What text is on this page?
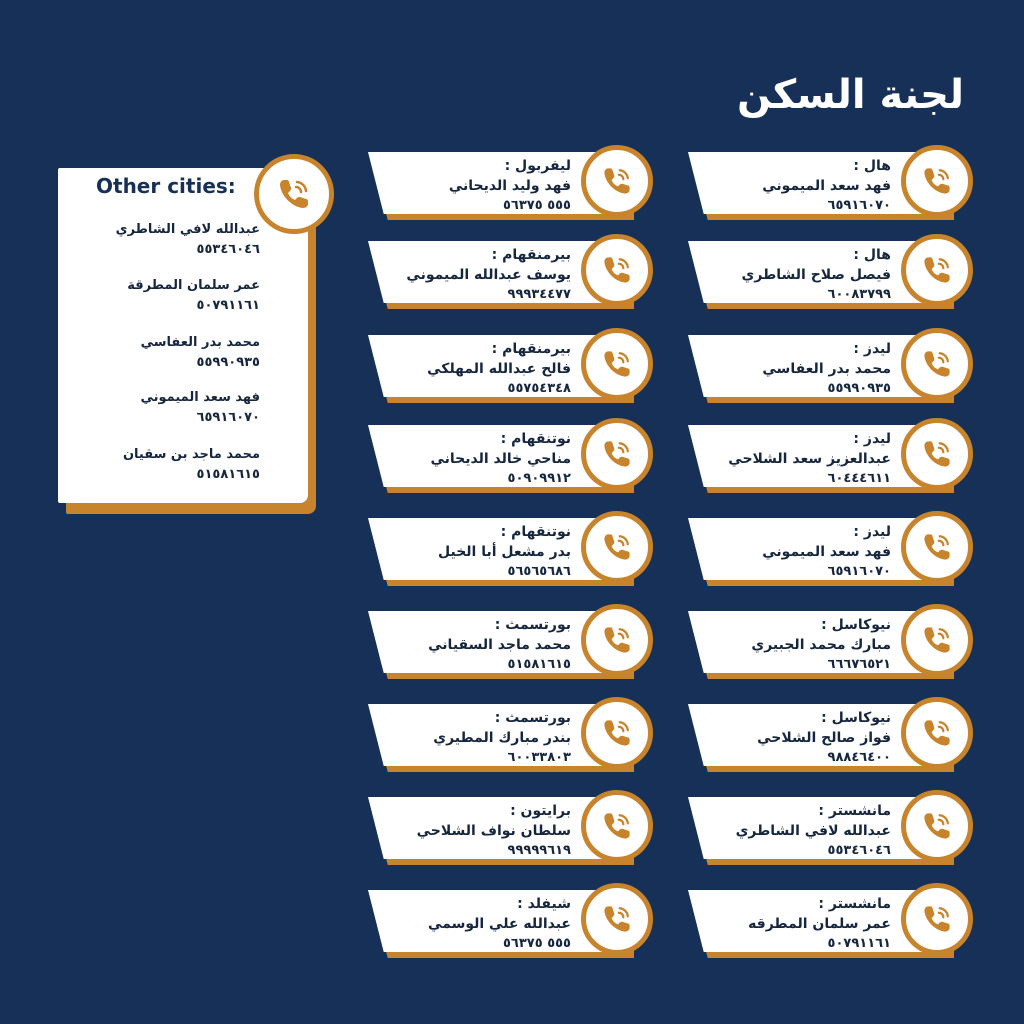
لجنة السكن
Other cities:
عبدالله لافي الشاطري
٥٥٣٤٦٠٤٦
عمر سلمان المطرقة
٥٠٧٩١١٦١
محمد بدر العفاسي
٥٥٩٩٠٩٣٥
فهد سعد الميموني
٦٥٩١٦٠٧٠
محمد ماجد بن سقيان
٥١٥٨١٦١٥
هال :
فهد سعد الميموني
٦٥٩١٦٠٧٠
هال :
فيصل صلاح الشاطري
٦٠٠٨٣٧٩٩
ليدز :
محمد بدر العفاسي
٥٥٩٩٠٩٣٥
ليدز :
عبدالعزيز سعد الشلاحي
٦٠٤٤٤٦١١
ليدز :
فهد سعد الميموني
٦٥٩١٦٠٧٠
نيوكاسل :
مبارك محمد الجبيري
٦٦٦٧٦٥٢١
نيوكاسل :
فواز صالح الشلاحي
٩٨٨٤٦٤٠٠
مانشستر :
عبدالله لافي الشاطري
٥٥٣٤٦٠٤٦
مانشستر :
عمر سلمان المطرقه
٥٠٧٩١١٦١
ليفربول :
فهد وليد الديحاني
٥٥٥ ٥٦٣٧٥
بيرمنقهام :
يوسف عبدالله الميموني
٩٩٩٣٤٤٧٧
بيرمنقهام :
فالح عبدالله المهلكي
٥٥٧٥٤٣٤٨
نوتنقهام :
مناحي خالد الديحاني
٥٠٩٠٩٩١٢
نوتنقهام :
بدر مشعل أبا الخيل
٥٦٥٦٥٦٨٦
بورتسمث :
محمد ماجد السقياني
٥١٥٨١٦١٥
بورتسمث :
بندر مبارك المطيري
٦٠٠٣٣٨٠٣
برايتون :
سلطان نواف الشلاحي
٩٩٩٩٩٦١٩
شيفلد :
عبدالله علي الوسمي
٥٥٥ ٥٦٣٧٥
